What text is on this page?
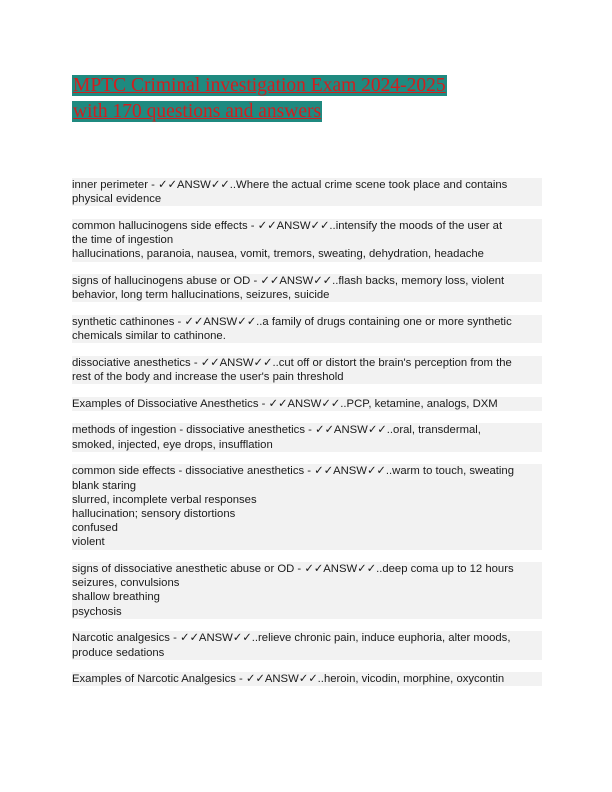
MPTC Criminal investigation Exam 2024-2025
with 170 questions and answers
inner perimeter - ✓✓ANSW✓✓..Where the actual crime scene took place and contains
physical evidence
common hallucinogens side effects - ✓✓ANSW✓✓..intensify the moods of the user at
the time of ingestion
hallucinations, paranoia, nausea, vomit, tremors, sweating, dehydration, headache
signs of hallucinogens abuse or OD - ✓✓ANSW✓✓..flash backs, memory loss, violent
behavior, long term hallucinations, seizures, suicide
synthetic cathinones - ✓✓ANSW✓✓..a family of drugs containing one or more synthetic
chemicals similar to cathinone.
dissociative anesthetics - ✓✓ANSW✓✓..cut off or distort the brain's perception from the
rest of the body and increase the user's pain threshold
Examples of Dissociative Anesthetics - ✓✓ANSW✓✓..PCP, ketamine, analogs, DXM
methods of ingestion - dissociative anesthetics - ✓✓ANSW✓✓..oral, transdermal,
smoked, injected, eye drops, insufflation
common side effects - dissociative anesthetics - ✓✓ANSW✓✓..warm to touch, sweating
blank staring
slurred, incomplete verbal responses
hallucination; sensory distortions
confused
violent
signs of dissociative anesthetic abuse or OD - ✓✓ANSW✓✓..deep coma up to 12 hours
seizures, convulsions
shallow breathing
psychosis
Narcotic analgesics - ✓✓ANSW✓✓..relieve chronic pain, induce euphoria, alter moods,
produce sedations
Examples of Narcotic Analgesics - ✓✓ANSW✓✓..heroin, vicodin, morphine, oxycontin
